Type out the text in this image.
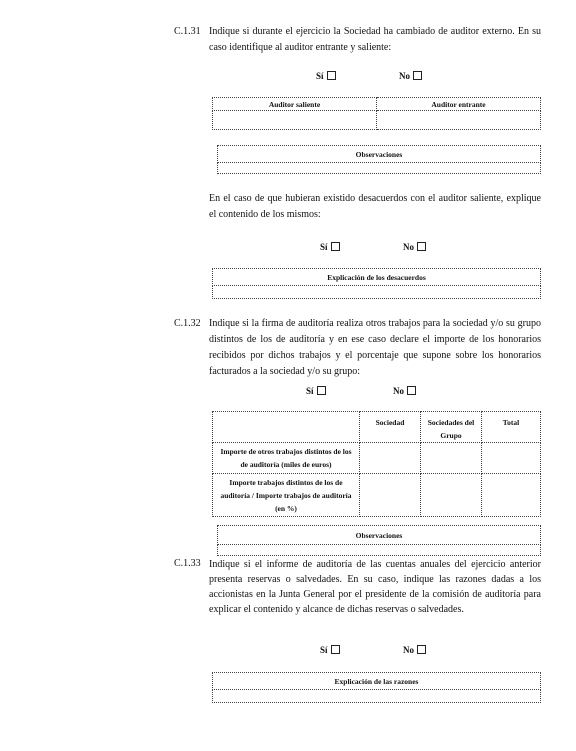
C.1.31 Indique si durante el ejercicio la Sociedad ha cambiado de auditor externo. En su caso identifique al auditor entrante y saliente:
Sí	No
Auditor saliente	Auditor entrante

Observaciones

En el caso de que hubieran existido desacuerdos con el auditor saliente, explique el contenido de los mismos:
Sí	No
Explicación de los desacuerdos

C.1.32 Indique si la firma de auditoría realiza otros trabajos para la sociedad y/o su grupo distintos de los de auditoría y en ese caso declare el importe de los honorarios recibidos por dichos trabajos y el porcentaje que supone sobre los honorarios facturados a la sociedad y/o su grupo:
Sí	No
	Sociedad	Sociedades del Grupo	Total
Importe de otros trabajos distintos de los de auditoría (miles de euros)			
Importe trabajos distintos de los de auditoría / Importe trabajos de auditoría (en %)			
Observaciones

C.1.33 Indique si el informe de auditoría de las cuentas anuales del ejercicio anterior presenta reservas o salvedades. En su caso, indique las razones dadas a los accionistas en la Junta General por el presidente de la comisión de auditoría para explicar el contenido y alcance de dichas reservas o salvedades.
Sí	No
Explicación de las razones
